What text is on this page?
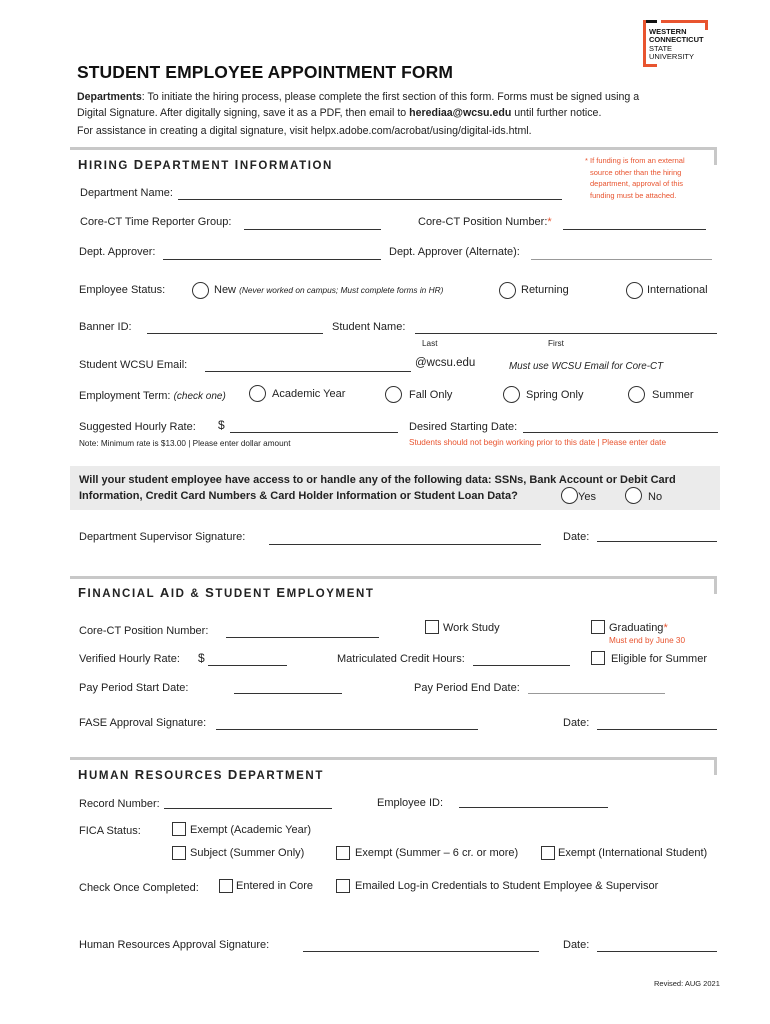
WESTERN
CONNECTICUT
STATE
UNIVERSITY
STUDENT EMPLOYEE APPOINTMENT FORM
Departments: To initiate the hiring process, please complete the first section of this form. Forms must be signed using a
Digital Signature. After digitally signing, save it as a PDF, then email to herediaa@wcsu.edu until further notice.
For assistance in creating a digital signature, visit helpx.adobe.com/acrobat/using/digital-ids.html.
HIRING DEPARTMENT INFORMATION	* If funding is from an external
source other than the hiring
department, approval of this
funding must be attached.
Department Name:
Core-CT Time Reporter Group:	Core-CT Position Number:*
Dept. Approver:	Dept. Approver (Alternate):
Employee Status:	New (Never worked on campus; Must complete forms in HR)	Returning	International
Banner ID:	Student Name:
Last	First
Student WCSU Email:	@wcsu.edu	Must use WCSU Email for Core-CT
Employment Term: (check one)	Academic Year	Fall Only	Spring Only	Summer
Suggested Hourly Rate: $	Desired Starting Date:
Note: Minimum rate is $13.00 | Please enter dollar amount	Students should not begin working prior to this date | Please enter date
Will your student employee have access to or handle any of the following data: SSNs, Bank Account or Debit Card
Information, Credit Card Numbers & Card Holder Information or Student Loan Data?	Yes	No
Department Supervisor Signature:	Date:
FINANCIAL AID & STUDENT EMPLOYMENT
Core-CT Position Number:	Work Study	Graduating*
Must end by June 30
Verified Hourly Rate: $	Matriculated Credit Hours:	Eligible for Summer
Pay Period Start Date:	Pay Period End Date:
FASE Approval Signature:	Date:
HUMAN RESOURCES DEPARTMENT
Record Number:	Employee ID:
FICA Status:	Exempt (Academic Year)
Subject (Summer Only)	Exempt (Summer – 6 cr. or more)	Exempt (International Student)
Check Once Completed:	Entered in Core	Emailed Log-in Credentials to Student Employee & Supervisor
Human Resources Approval Signature:	Date:
Revised: AUG 2021
